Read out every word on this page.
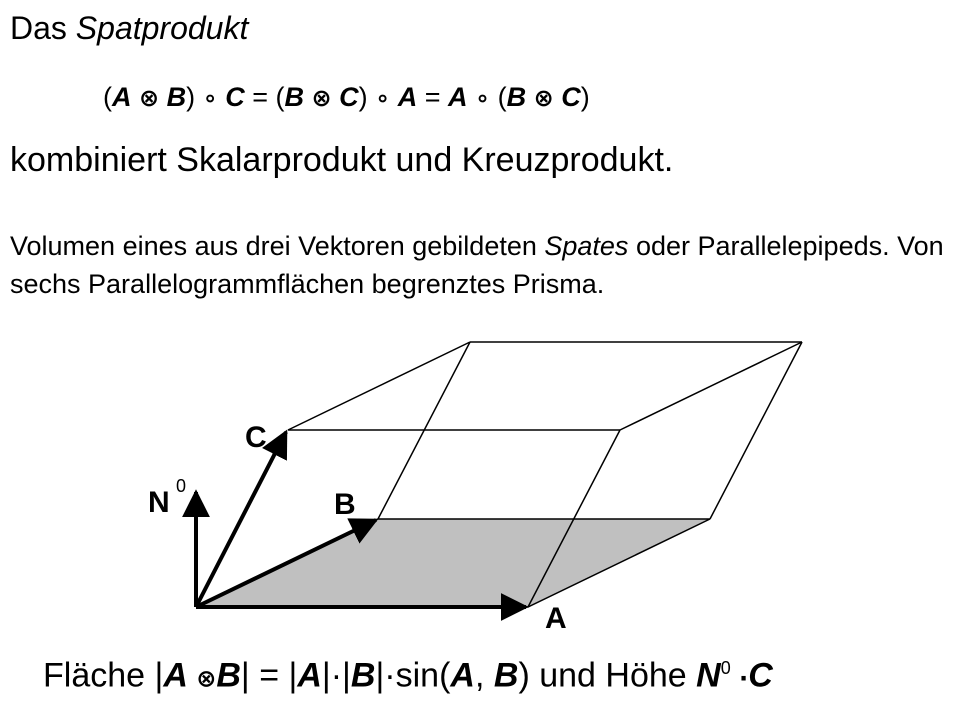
Das Spatprodukt
(A ⊗ B) ∘ C = (B ⊗ C) ∘ A = A ∘ (B ⊗ C)
kombiniert Skalarprodukt und Kreuzprodukt.
Volumen eines aus drei Vektoren gebildeten Spates oder Parallelepipeds. Von sechs Parallelogrammflächen begrenztes Prisma.
A
B
C
N 0
Fläche |A ⊗B| = |A|·|B|·sin(A, B) und Höhe $N^0 \cdot C$
